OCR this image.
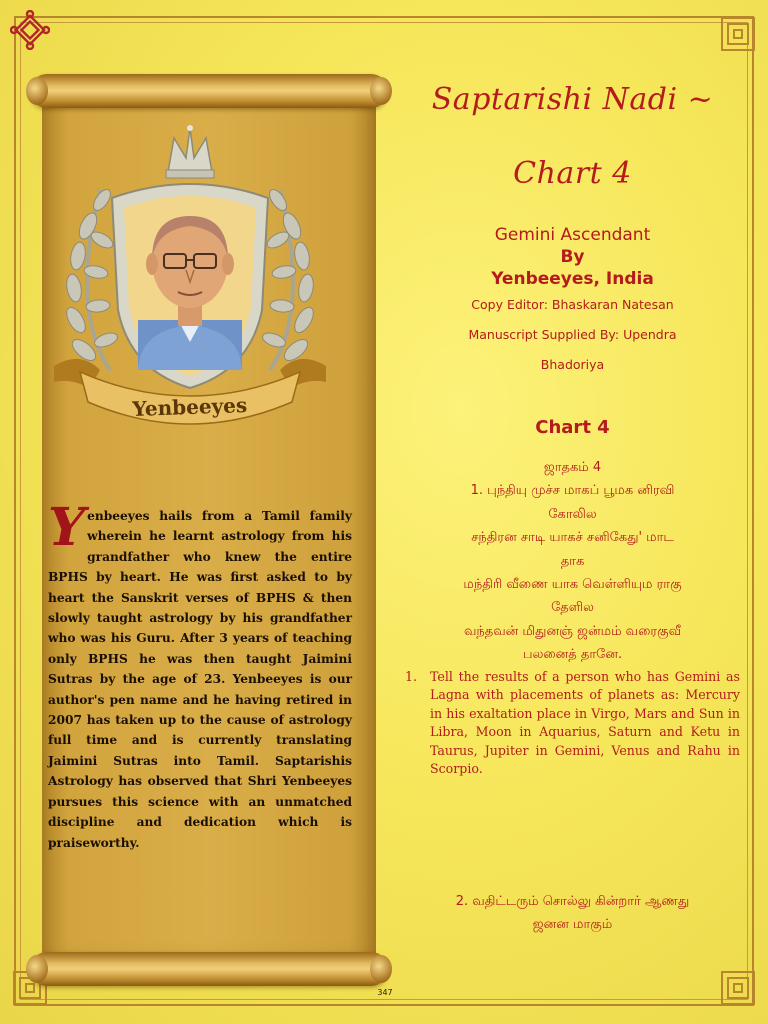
Yenbeeyes
Yenbeeyes hails from a Tamil family wherein he learnt astrology from his grandfather who knew the entire BPHS by heart. He was first asked to by heart the Sanskrit verses of BPHS & then slowly taught astrology by his grandfather who was his Guru. After 3 years of teaching only BPHS he was then taught Jaimini Sutras by the age of 23. Yenbeeyes is our author's pen name and he having retired in 2007 has taken up to the cause of astrology full time and is currently translating Jaimini Sutras into Tamil. Saptarishis Astrology has observed that Shri Yenbeeyes pursues this science with an unmatched discipline and dedication which is praiseworthy.
Saptarishi Nadi ~
Chart 4
Gemini Ascendant
By
Yenbeeyes, India
Copy Editor: Bhaskaran Natesan
Manuscript Supplied By: Upendra
Bhadoriya
Chart 4
ஜாதகம் 4
1. புந்தியு முச்ச மாகப் பூமக னிரவி
கோலில
சந்திரன சாடி யாகச் சனிகேது' மாட
தாக
மந்திரி வீணை யாக வெள்ளியும ராகு
தேளில
வந்தவன் மிதுனஞ் ஜன்மம் வரைகுவீ
பலனைத் தானே.
1.	Tell the results of a person who has Gemini as Lagna with placements of planets as: Mercury in his exaltation place in Virgo, Mars and Sun in Libra, Moon in Aquarius, Saturn and Ketu in Taurus, Jupiter in Gemini, Venus and Rahu in Scorpio.
2. வதிட்டரும் சொல்லு கின்றார் ஆணது
ஜனன மாகும்
347
